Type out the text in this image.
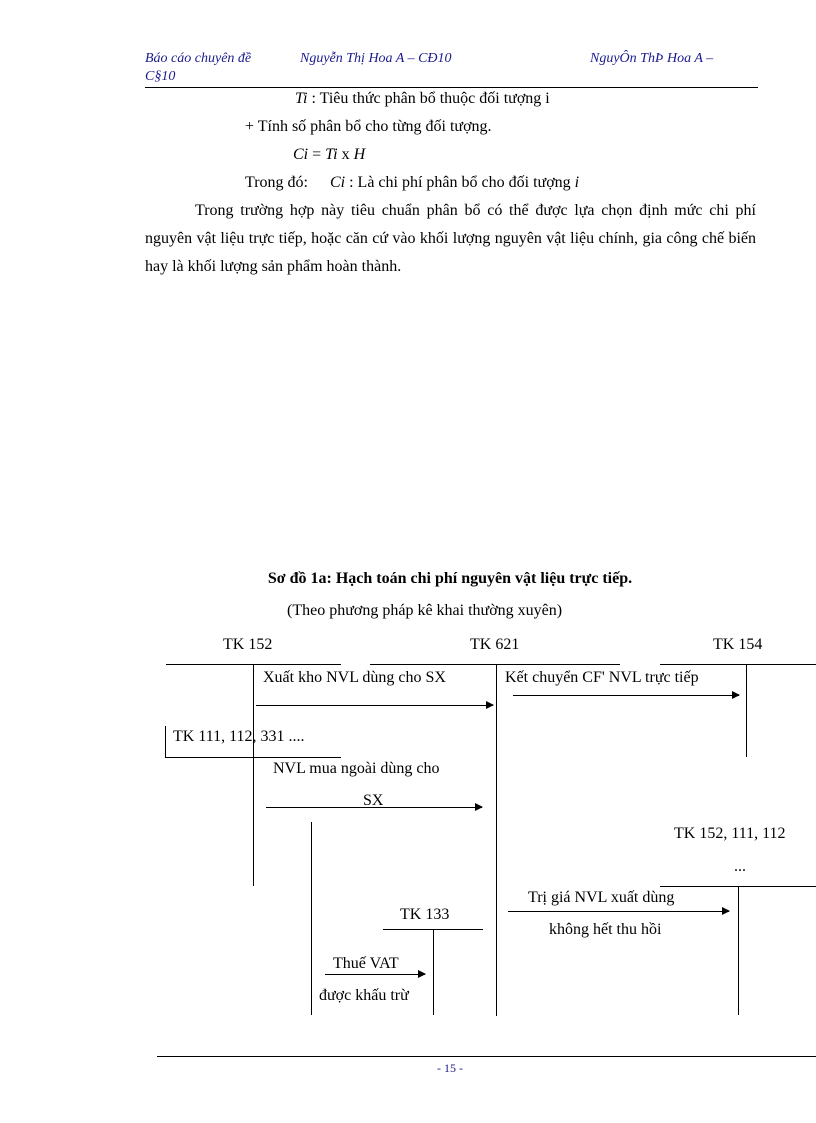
Báo cáo chuyên đề	Nguyễn Thị Hoa A – CĐ10	NguyÔn ThÞ Hoa A –
C§10
Ti : Tiêu thức phân bổ thuộc đối tượng i
+ Tính số phân bổ cho từng đối tượng.
Ci = Ti x H
Trong đó: Ci : Là chi phí phân bổ cho đối tượng i
Trong trường hợp này tiêu chuẩn phân bổ có thể được lựa chọn định mức chi phí nguyên vật liệu trực tiếp, hoặc căn cứ vào khối lượng nguyên vật liệu chính, gia công chế biến hay là khối lượng sản phẩm hoàn thành.
Sơ đồ 1a: Hạch toán chi phí nguyên vật liệu trực tiếp.
(Theo phương pháp kê khai thường xuyên)
TK 152	TK 621	TK 154
Xuất kho NVL dùng cho SX	Kết chuyển CF' NVL trực tiếp
TK 111, 112, 331 ....
NVL mua ngoài dùng cho
SX
TK 152, 111, 112
...
Trị giá NVL xuất dùng
không hết thu hồi
TK 133
Thuế VAT
được khấu trừ
- 15 -
